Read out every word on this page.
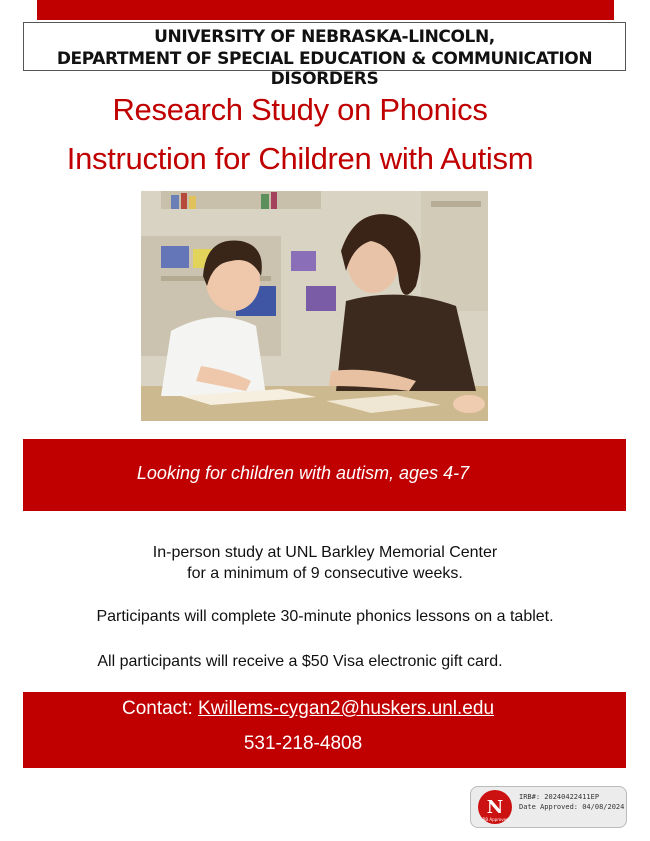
UNIVERSITY OF NEBRASKA-LINCOLN,
DEPARTMENT OF SPECIAL EDUCATION & COMMUNICATION DISORDERS
Research Study on Phonics
Instruction for Children with Autism
Looking for children with autism, ages 4-7
In-person study at UNL Barkley Memorial Center
for a minimum of 9 consecutive weeks.
Participants will complete 30-minute phonics lessons on a tablet.
All participants will receive a $50 Visa electronic gift card.
Contact: Kwillems-cygan2@huskers.unl.edu
531-218-4808
N
IRB Approved
IRB#: 20240422411EP
Date Approved: 04/08/2024
